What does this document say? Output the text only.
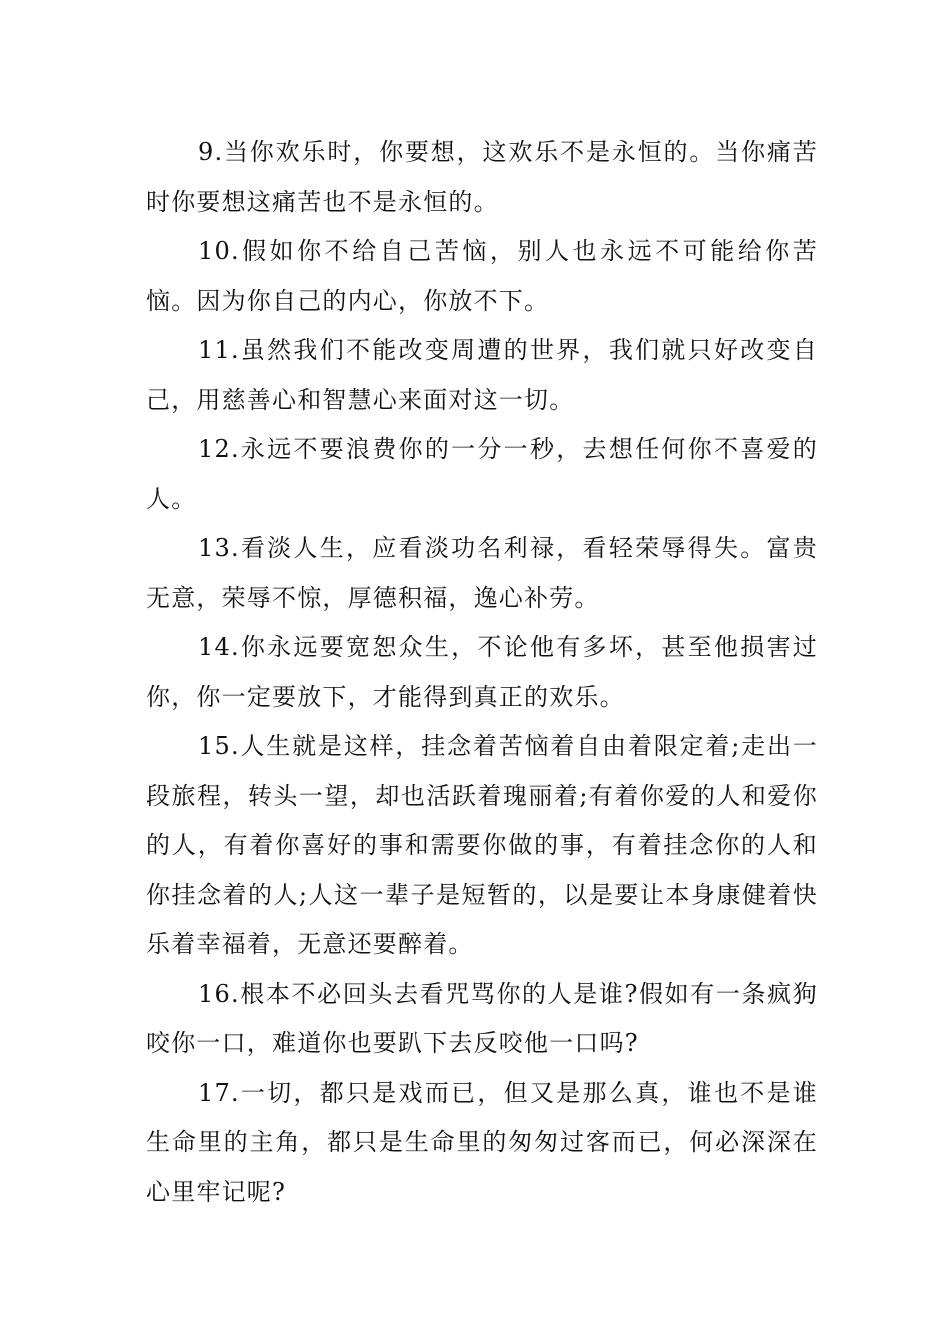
9.当你欢乐时，你要想，这欢乐不是永恒的。当你痛苦时你要想这痛苦也不是永恒的。

10.假如你不给自己苦恼，别人也永远不可能给你苦恼。因为你自己的内心，你放不下。

11.虽然我们不能改变周遭的世界，我们就只好改变自己，用慈善心和智慧心来面对这一切。

12.永远不要浪费你的一分一秒，去想任何你不喜爱的人。

13.看淡人生，应看淡功名利禄，看轻荣辱得失。富贵无意，荣辱不惊，厚德积福，逸心补劳。

14.你永远要宽恕众生，不论他有多坏，甚至他损害过你，你一定要放下，才能得到真正的欢乐。

15.人生就是这样，挂念着苦恼着自由着限定着;走出一段旅程，转头一望，却也活跃着瑰丽着;有着你爱的人和爱你的人，有着你喜好的事和需要你做的事，有着挂念你的人和你挂念着的人;人这一辈子是短暂的，以是要让本身康健着快乐着幸福着，无意还要醉着。

16.根本不必回头去看咒骂你的人是谁?假如有一条疯狗咬你一口，难道你也要趴下去反咬他一口吗?

17.一切，都只是戏而已，但又是那么真，谁也不是谁生命里的主角，都只是生命里的匆匆过客而已，何必深深在心里牢记呢?
